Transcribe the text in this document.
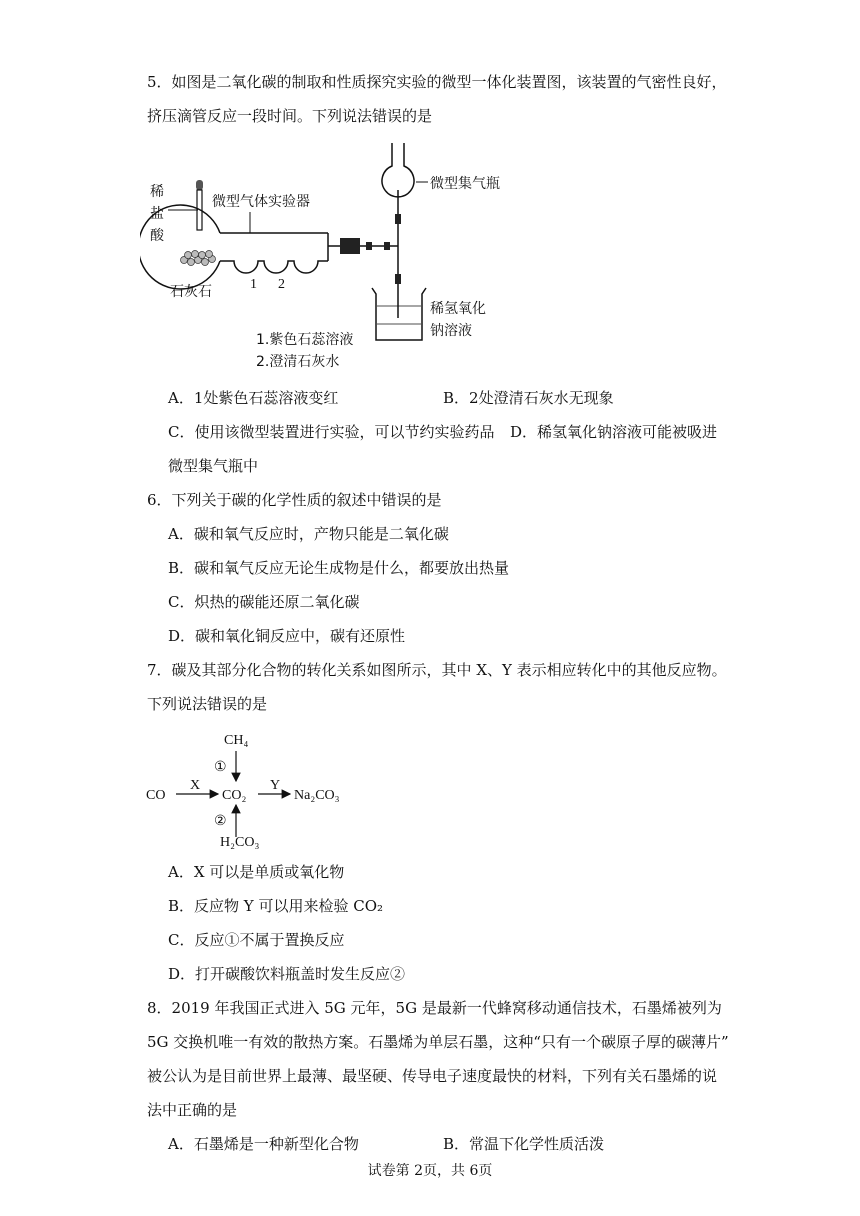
5．如图是二氧化碳的制取和性质探究实验的微型一体化装置图，该装置的气密性良好，
挤压滴管反应一段时间。下列说法错误的是
稀
盐
酸
微型气体实验器
微型集气瓶
稀氢氧化
钠溶液
石灰石	1 2
1.紫色石蕊溶液
2.澄清石灰水
A．1处紫色石蕊溶液变红	B．2处澄清石灰水无现象
C．使用该微型装置进行实验，可以节约实验药品 D．稀氢氧化钠溶液可能被吸进
微型集气瓶中
6．下列关于碳的化学性质的叙述中错误的是
A．碳和氧气反应时，产物只能是二氧化碳
B．碳和氧气反应无论生成物是什么，都要放出热量
C．炽热的碳能还原二氧化碳
D．碳和氧化铜反应中，碳有还原性
7．碳及其部分化合物的转化关系如图所示，其中 X、Y 表示相应转化中的其他反应物。
下列说法错误的是
CH₄
①
CO
X
CO₂
Y
Na₂CO₃
②
H₂CO₃
A．X 可以是单质或氧化物
B．反应物 Y 可以用来检验 CO₂
C．反应①不属于置换反应
D．打开碳酸饮料瓶盖时发生反应②
8．2019 年我国正式进入 5G 元年，5G 是最新一代蜂窝移动通信技术，石墨烯被列为
5G 交换机唯一有效的散热方案。石墨烯为单层石墨，这种“只有一个碳原子厚的碳薄片”
被公认为是目前世界上最薄、最坚硬、传导电子速度最快的材料，下列有关石墨烯的说
法中正确的是
A．石墨烯是一种新型化合物	B．常温下化学性质活泼
试卷第 2页，共 6页
